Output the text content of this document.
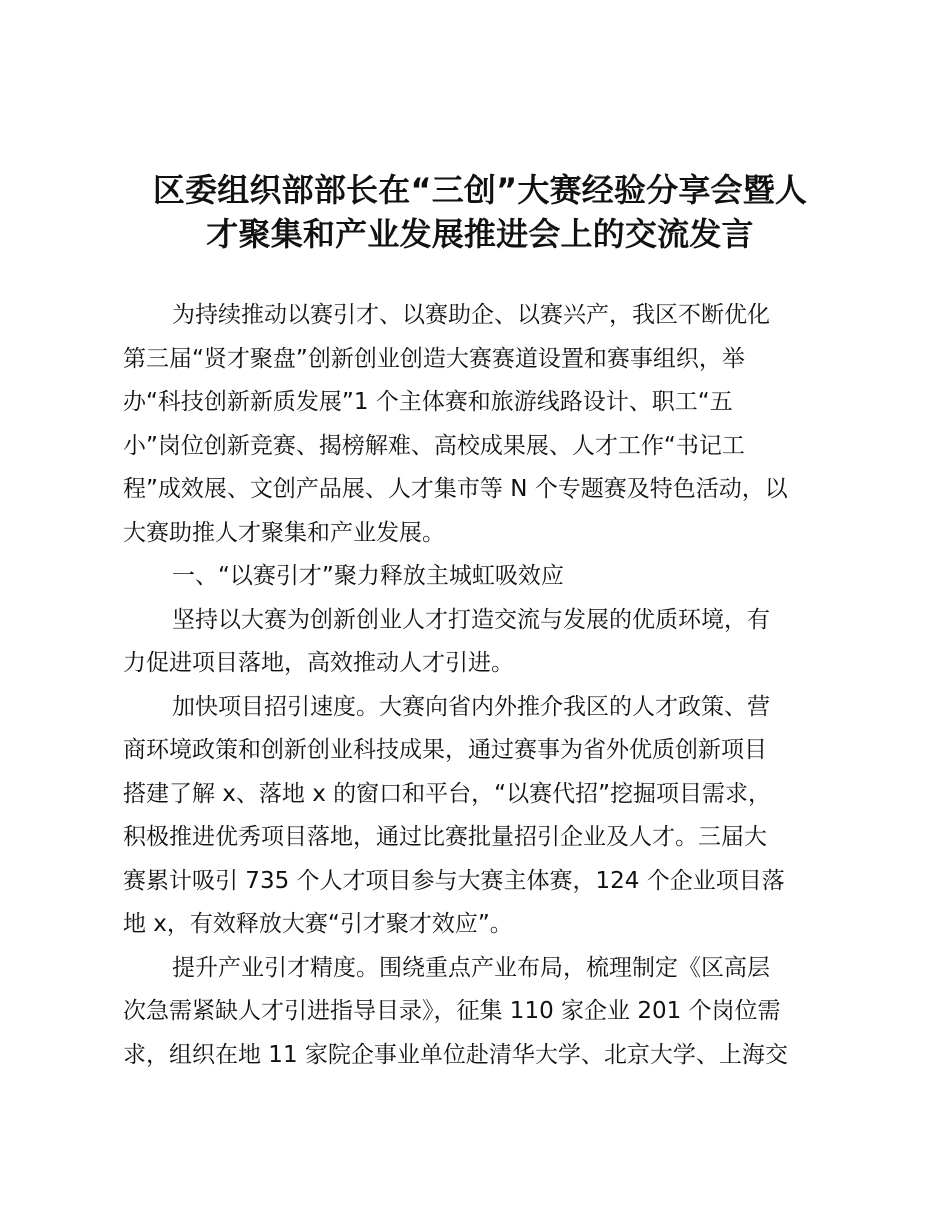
区委组织部部长在“三创”大赛经验分享会暨人
才聚集和产业发展推进会上的交流发言
为持续推动以赛引才、以赛助企、以赛兴产，我区不断优化
第三届“贤才聚盘”创新创业创造大赛赛道设置和赛事组织，举
办“科技创新新质发展”1 个主体赛和旅游线路设计、职工“五
小”岗位创新竞赛、揭榜解难、高校成果展、人才工作“书记工
程”成效展、文创产品展、人才集市等 N 个专题赛及特色活动，以
大赛助推人才聚集和产业发展。
一、“以赛引才”聚力释放主城虹吸效应
坚持以大赛为创新创业人才打造交流与发展的优质环境，有
力促进项目落地，高效推动人才引进。
加快项目招引速度。大赛向省内外推介我区的人才政策、营
商环境政策和创新创业科技成果，通过赛事为省外优质创新项目
搭建了解 x、落地 x 的窗口和平台，“以赛代招”挖掘项目需求，
积极推进优秀项目落地，通过比赛批量招引企业及人才。三届大
赛累计吸引 735 个人才项目参与大赛主体赛，124 个企业项目落
地 x，有效释放大赛“引才聚才效应”。
提升产业引才精度。围绕重点产业布局，梳理制定《区高层
次急需紧缺人才引进指导目录》，征集 110 家企业 201 个岗位需
求，组织在地 11 家院企事业单位赴清华大学、北京大学、上海交
